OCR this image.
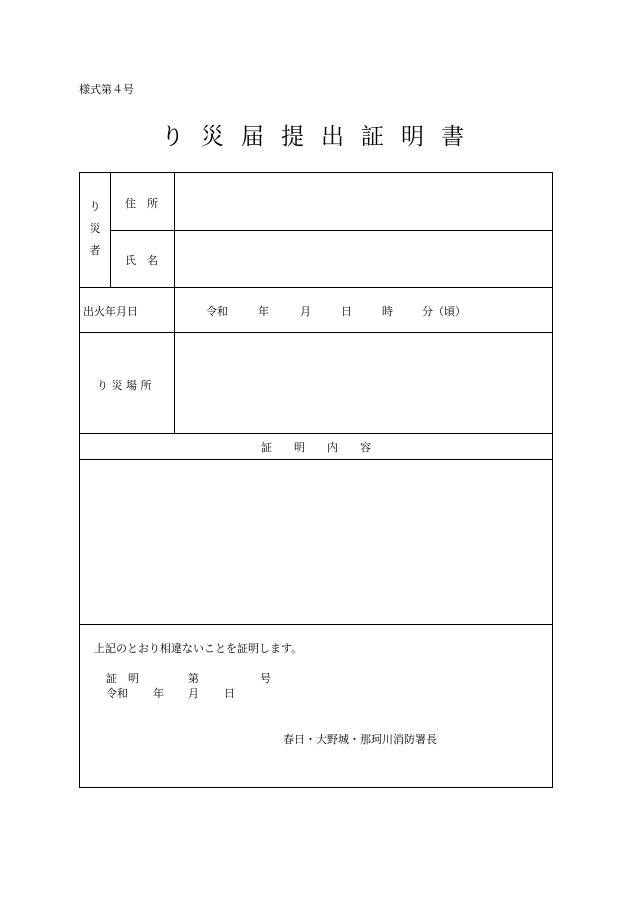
様式第４号
り災届提出証明書
り
災
者
住　所
氏　名
出火年月日	令和	年	月	日	時	分（頃）
り 災 場 所
証　　明　　内　　容
上記のとおり相違ないことを証明します。
証　明	第	号
令和 年 月 日
春日・大野城・那珂川消防署長
